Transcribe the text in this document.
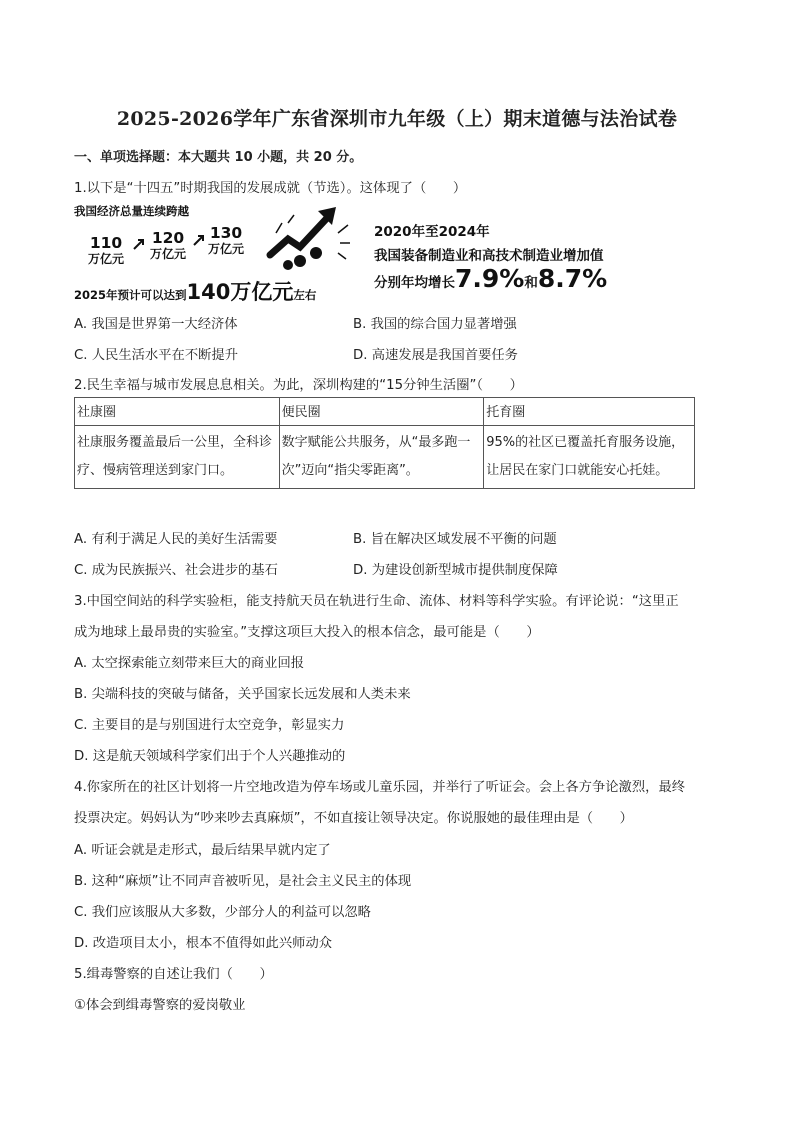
2025-2026学年广东省深圳市九年级（上）期末道德与法治试卷
一、单项选择题：本大题共 10 小题，共 20 分。
1.以下是“十四五”时期我国的发展成就（节选）。这体现了（　　）
我国经济总量连续跨越
110
万亿元
120
万亿元
130
万亿元
2025年预计可以达到140万亿元左右
2020年至2024年
我国装备制造业和高技术制造业增加值
分别年均增长7.9%和8.7%
A. 我国是世界第一大经济体	B. 我国的综合国力显著增强
C. 人民生活水平在不断提升	D. 高速发展是我国首要任务
2.民生幸福与城市发展息息相关。为此，深圳构建的“15分钟生活圈”（　　）
社康圈	便民圈	托育圈
社康服务覆盖最后一公里，全科诊疗、慢病管理送到家门口。	数字赋能公共服务，从“最多跑一次”迈向“指尖零距离”。	95%的社区已覆盖托育服务设施，让居民在家门口就能安心托娃。
A. 有利于满足人民的美好生活需要	B. 旨在解决区域发展不平衡的问题
C. 成为民族振兴、社会进步的基石	D. 为建设创新型城市提供制度保障
3.中国空间站的科学实验柜，能支持航天员在轨进行生命、流体、材料等科学实验。有评论说：“这里正
成为地球上最昂贵的实验室。”支撑这项巨大投入的根本信念，最可能是（　　）
A. 太空探索能立刻带来巨大的商业回报
B. 尖端科技的突破与储备，关乎国家长远发展和人类未来
C. 主要目的是与别国进行太空竞争，彰显实力
D. 这是航天领域科学家们出于个人兴趣推动的
4.你家所在的社区计划将一片空地改造为停车场或儿童乐园，并举行了听证会。会上各方争论激烈，最终
投票决定。妈妈认为“吵来吵去真麻烦”，不如直接让领导决定。你说服她的最佳理由是（　　）
A. 听证会就是走形式，最后结果早就内定了
B. 这种“麻烦”让不同声音被听见，是社会主义民主的体现
C. 我们应该服从大多数，少部分人的利益可以忽略
D. 改造项目太小，根本不值得如此兴师动众
5.缉毒警察的自述让我们（　　）
①体会到缉毒警察的爱岗敬业
